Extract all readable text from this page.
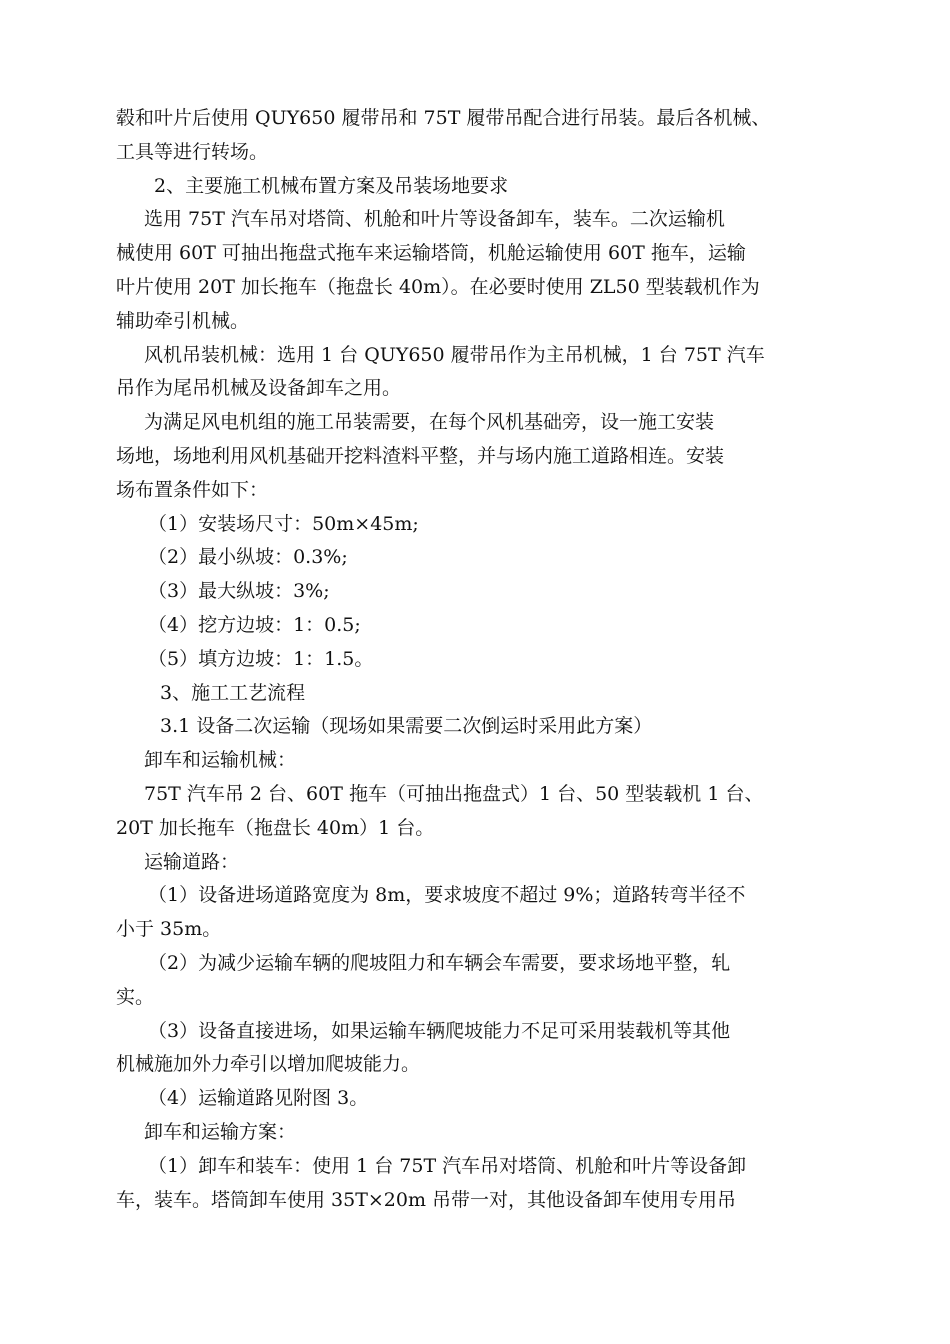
毂和叶片后使用 QUY650 履带吊和 75T 履带吊配合进行吊装。最后各机械、
工具等进行转场。
2、主要施工机械布置方案及吊装场地要求
选用 75T 汽车吊对塔筒、机舱和叶片等设备卸车，装车。二次运输机
械使用 60T 可抽出拖盘式拖车来运输塔筒，机舱运输使用 60T 拖车，运输
叶片使用 20T 加长拖车（拖盘长 40m）。在必要时使用 ZL50 型装载机作为
辅助牵引机械。
风机吊装机械：选用 1 台 QUY650 履带吊作为主吊机械，1 台 75T 汽车
吊作为尾吊机械及设备卸车之用。
为满足风电机组的施工吊装需要，在每个风机基础旁，设一施工安装
场地，场地利用风机基础开挖料渣料平整，并与场内施工道路相连。安装
场布置条件如下：
（1）安装场尺寸：50m×45m;
（2）最小纵坡：0.3%;
（3）最大纵坡：3%;
（4）挖方边坡：1：0.5;
（5）填方边坡：1：1.5。
3、施工工艺流程
3.1 设备二次运输（现场如果需要二次倒运时采用此方案）
卸车和运输机械：
75T 汽车吊 2 台、60T 拖车（可抽出拖盘式）1 台、50 型装载机 1 台、
20T 加长拖车（拖盘长 40m）1 台。
运输道路：
（1）设备进场道路宽度为 8m，要求坡度不超过 9%；道路转弯半径不
小于 35m。
（2）为减少运输车辆的爬坡阻力和车辆会车需要，要求场地平整，轧
实。
（3）设备直接进场，如果运输车辆爬坡能力不足可采用装载机等其他
机械施加外力牵引以增加爬坡能力。
（4）运输道路见附图 3。
卸车和运输方案：
（1）卸车和装车：使用 1 台 75T 汽车吊对塔筒、机舱和叶片等设备卸
车，装车。塔筒卸车使用 35T×20m 吊带一对，其他设备卸车使用专用吊
